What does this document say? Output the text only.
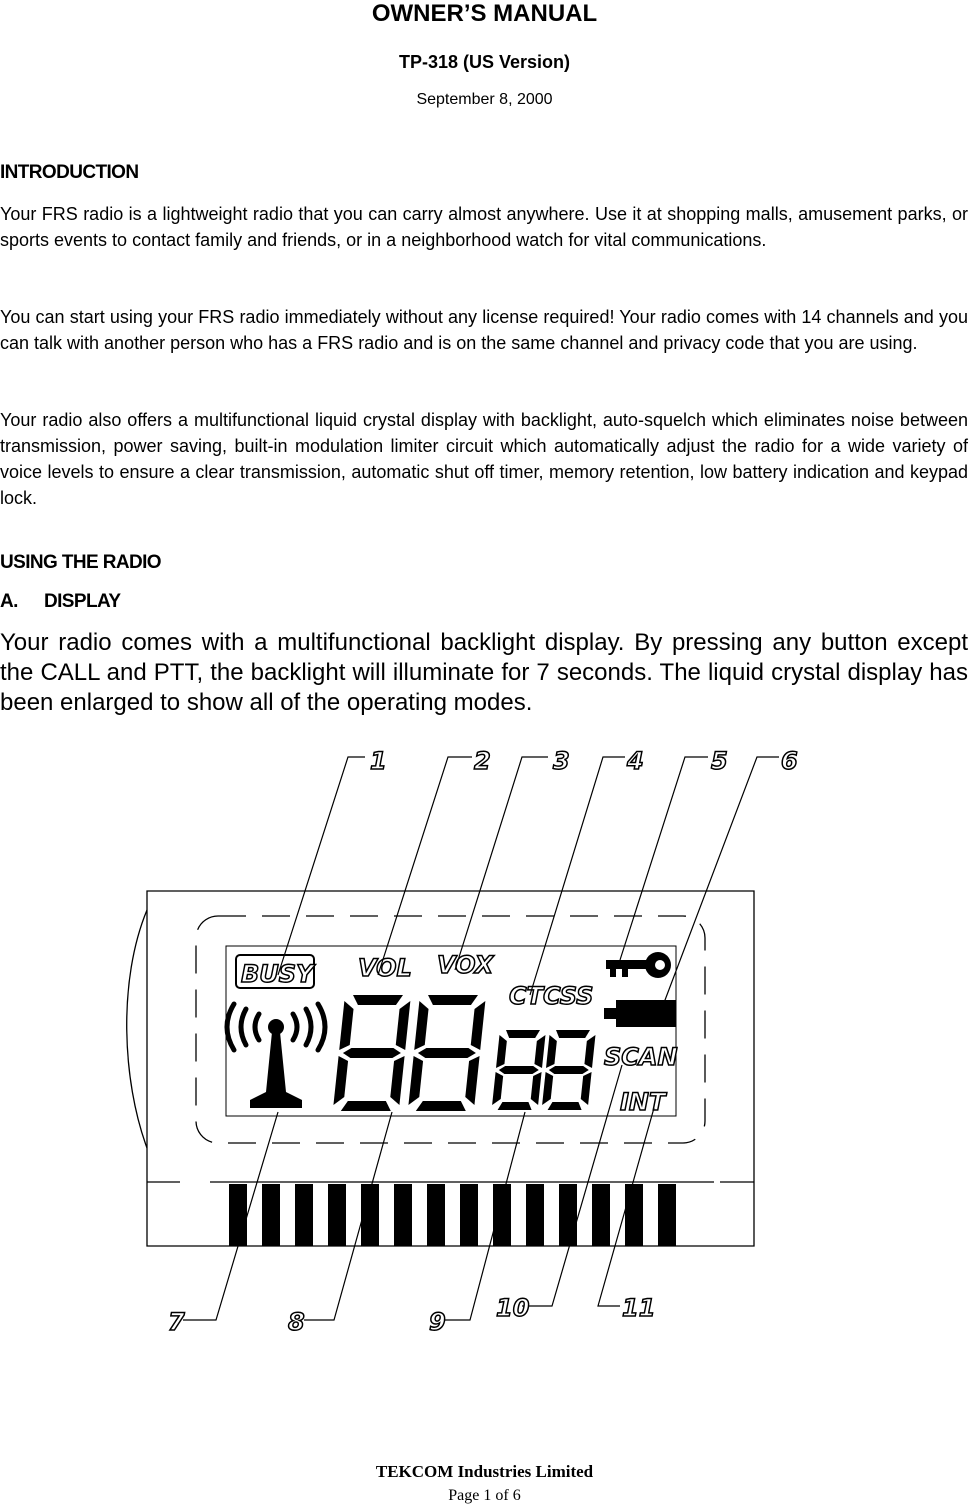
OWNER’S MANUAL
TP-318 (US Version)
September 8, 2000
INTRODUCTION

Your FRS radio is a lightweight radio that you can carry almost anywhere. Use it at shopping malls, amusement parks, or sports events to contact family and friends, or in a neighborhood watch for vital communications.

You can start using your FRS radio immediately without any license required! Your radio comes with 14 channels and you can talk with another person who has a FRS radio and is on the same channel and privacy code that you are using.

Your radio also offers a multifunctional liquid crystal display with backlight, auto-squelch which eliminates noise between transmission, power saving, built-in modulation limiter circuit which automatically adjust the radio for a wide variety of voice levels to ensure a clear transmission, automatic shut off timer, memory retention, low battery indication and keypad lock.

USING THE RADIO
A. DISPLAY

Your radio comes with a multifunctional backlight display. By pressing any button except the CALL and PTT, the backlight will illuminate for 7 seconds. The liquid crystal display has been enlarged to show all of the operating modes.

BUSY VOL VOX
CTCSS
SCAN
INT
1	2	3 4	5 6
7	8	9 10	11
TEKCOM Industries Limited
Page 1 of 6
